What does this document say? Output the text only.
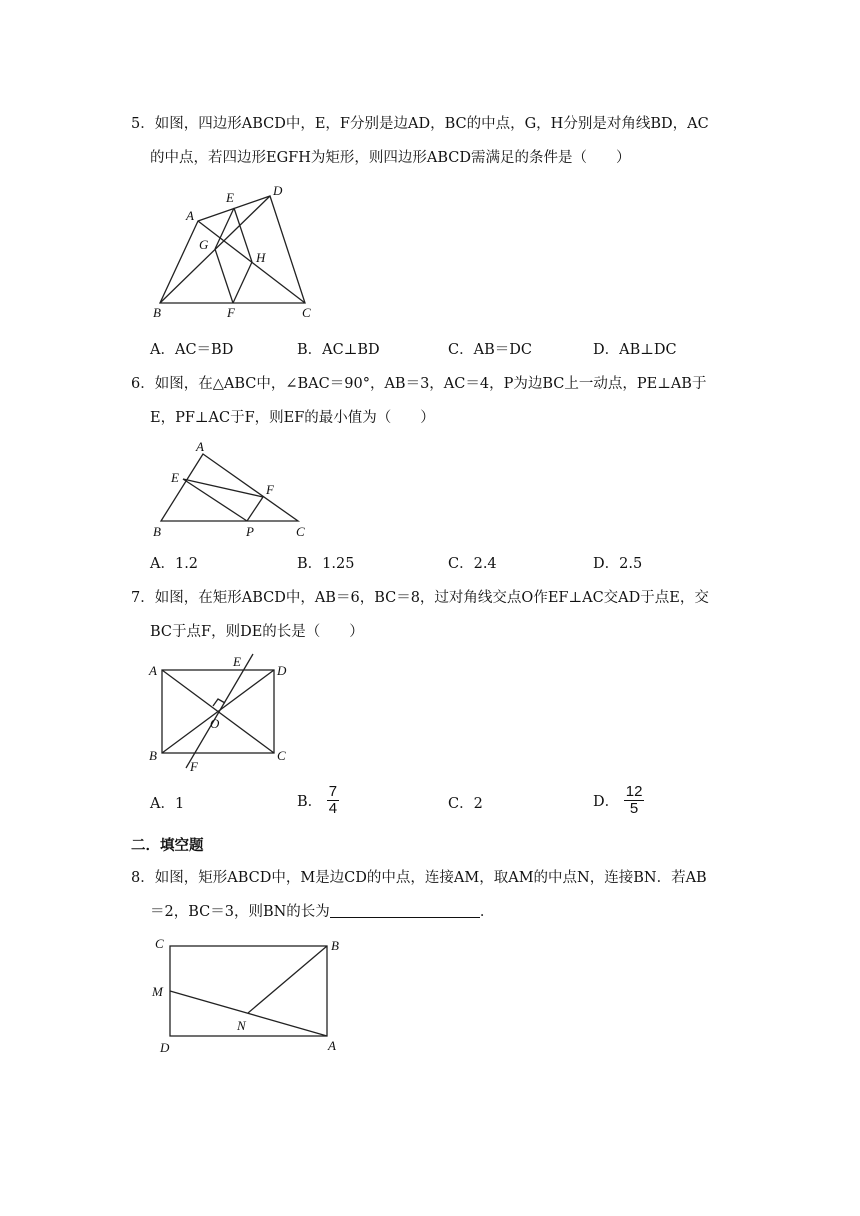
5．如图，四边形ABCD中，E，F分别是边AD，BC的中点，G，H分别是对角线BD，AC
的中点，若四边形EGFH为矩形，则四边形ABCD需满足的条件是（　　）
A
E	D
G
H
B	F	C
A．AC＝BD	B．AC⊥BD	C．AB＝DC	D．AB⊥DC
6．如图，在△ABC中，∠BAC＝90°，AB＝3，AC＝4，P为边BC上一动点，PE⊥AB于
E，PF⊥AC于F，则EF的最小值为（　　）
A
E
F
B	P	C
A．1.2	B．1.25	C．2.4	D．2.5
7．如图，在矩形ABCD中，AB＝6，BC＝8，过对角线交点O作EF⊥AC交AD于点E，交
BC于点F，则DE的长是（　　）
A
E
D
O
B	C
F
A．1	B． $\frac{7}{4}$	C．2	D． $\frac{12}{5}$
二．填空题
8．如图，矩形ABCD中，M是边CD的中点，连接AM，取AM的中点N，连接BN．若AB
＝2，BC＝3，则BN的长为	．
C	B
M
N
D	A
